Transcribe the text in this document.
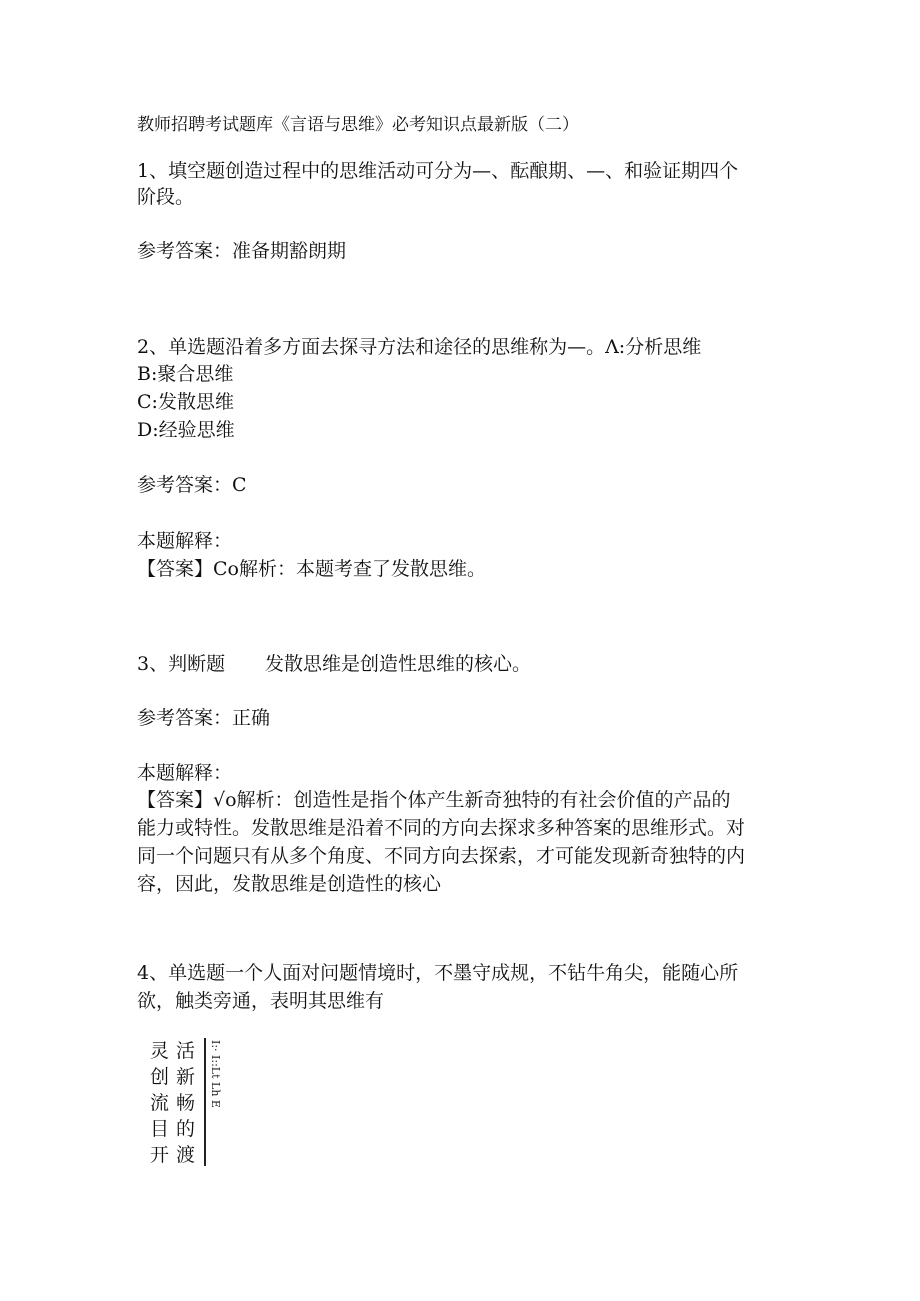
教师招聘考试题库《言语与思维》必考知识点最新版（二）
1、填空题创造过程中的思维活动可分为—、酝酿期、—、和验证期四个
阶段。
参考答案：准备期豁朗期
2、单选题沿着多方面去探寻方法和途径的思维称为—。Λ:分析思维
B:聚合思维
C:发散思维
D:经验思维
参考答案：C
本题解释：
【答案】Co解析：本题考查了发散思维。
3、判断题 发散思维是创造性思维的核心。
参考答案：正确
本题解释：
【答案】√o解析：创造性是指个体产生新奇独特的有社会价值的产品的
能力或特性。发散思维是沿着不同的方向去探求多种答案的思维形式。对
同一个问题只有从多个角度、不同方向去探索，才可能发现新奇独特的内
容，因此，发散思维是创造性的核心
4、单选题一个人面对问题情境时，不墨守成规，不钻牛角尖，能随心所
欲，触类旁通，表明其思维有
灵
创
流
目
开
活
新
畅
的
渡
I:· I::Lt Lh E
